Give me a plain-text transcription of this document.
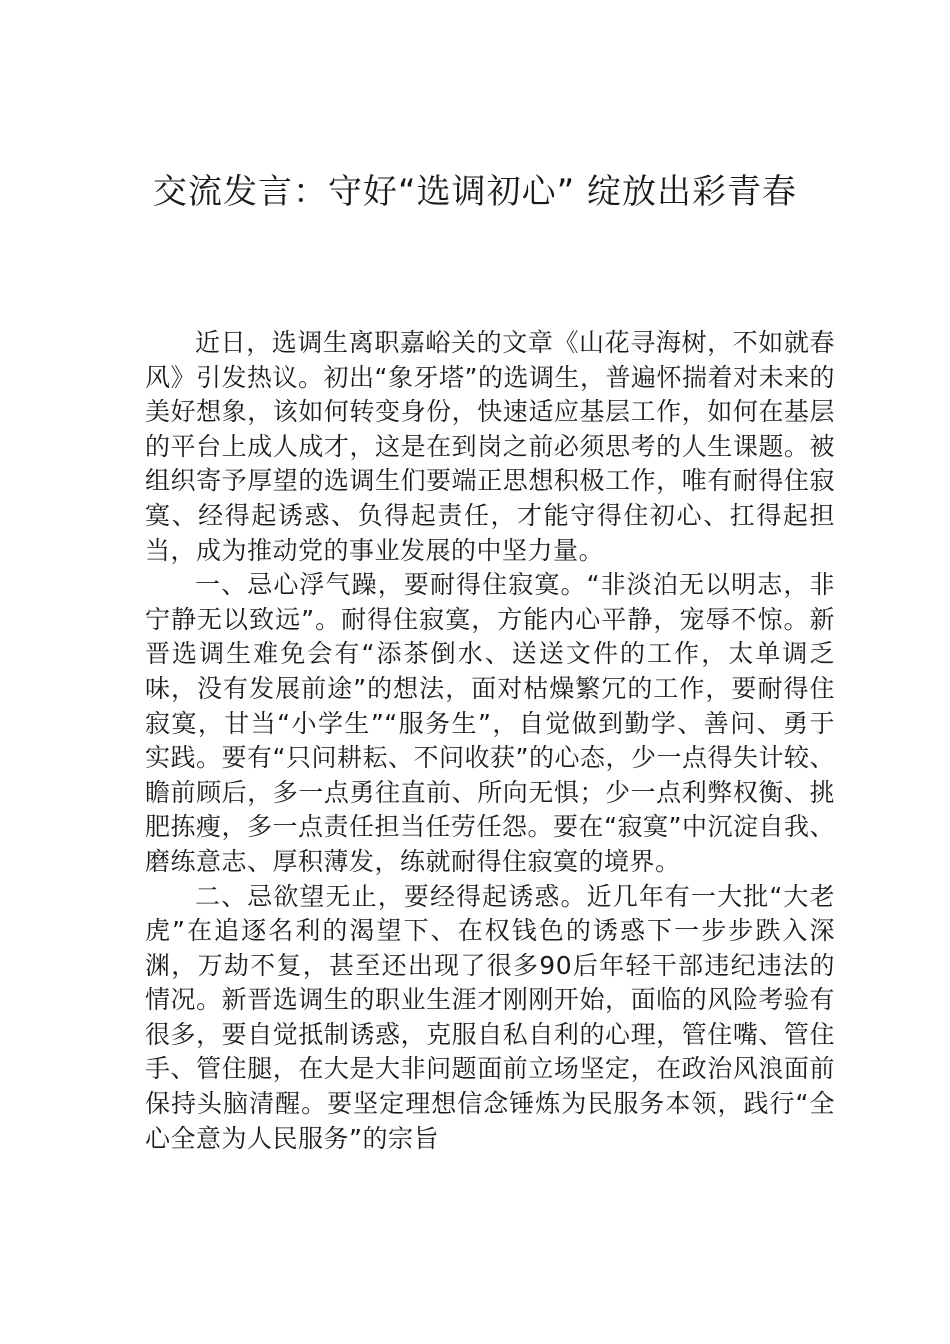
交流发言：守好“选调初心” 绽放出彩青春

近日，选调生离职嘉峪关的文章《山花寻海树，不如就春风》引发热议。初出“象牙塔”的选调生，普遍怀揣着对未来的美好想象，该如何转变身份，快速适应基层工作，如何在基层的平台上成人成才，这是在到岗之前必须思考的人生课题。被组织寄予厚望的选调生们要端正思想积极工作，唯有耐得住寂寞、经得起诱惑、负得起责任，才能守得住初心、扛得起担当，成为推动党的事业发展的中坚力量。

一、忌心浮气躁，要耐得住寂寞。“非淡泊无以明志，非宁静无以致远”。耐得住寂寞，方能内心平静，宠辱不惊。新晋选调生难免会有“添茶倒水、送送文件的工作，太单调乏味，没有发展前途”的想法，面对枯燥繁冗的工作，要耐得住寂寞，甘当“小学生”“服务生”，自觉做到勤学、善问、勇于实践。要有“只问耕耘、不问收获”的心态，少一点得失计较、瞻前顾后，多一点勇往直前、所向无惧；少一点利弊权衡、挑肥拣瘦，多一点责任担当任劳任怨。要在“寂寞”中沉淀自我、磨练意志、厚积薄发，练就耐得住寂寞的境界。

二、忌欲望无止，要经得起诱惑。近几年有一大批“大老虎”在追逐名利的渴望下、在权钱色的诱惑下一步步跌入深渊，万劫不复，甚至还出现了很多90后年轻干部违纪违法的情况。新晋选调生的职业生涯才刚刚开始，面临的风险考验有很多，要自觉抵制诱惑，克服自私自利的心理，管住嘴、管住手、管住腿，在大是大非问题面前立场坚定，在政治风浪面前保持头脑清醒。要坚定理想信念锤炼为民服务本领，践行“全心全意为人民服务”的宗旨
